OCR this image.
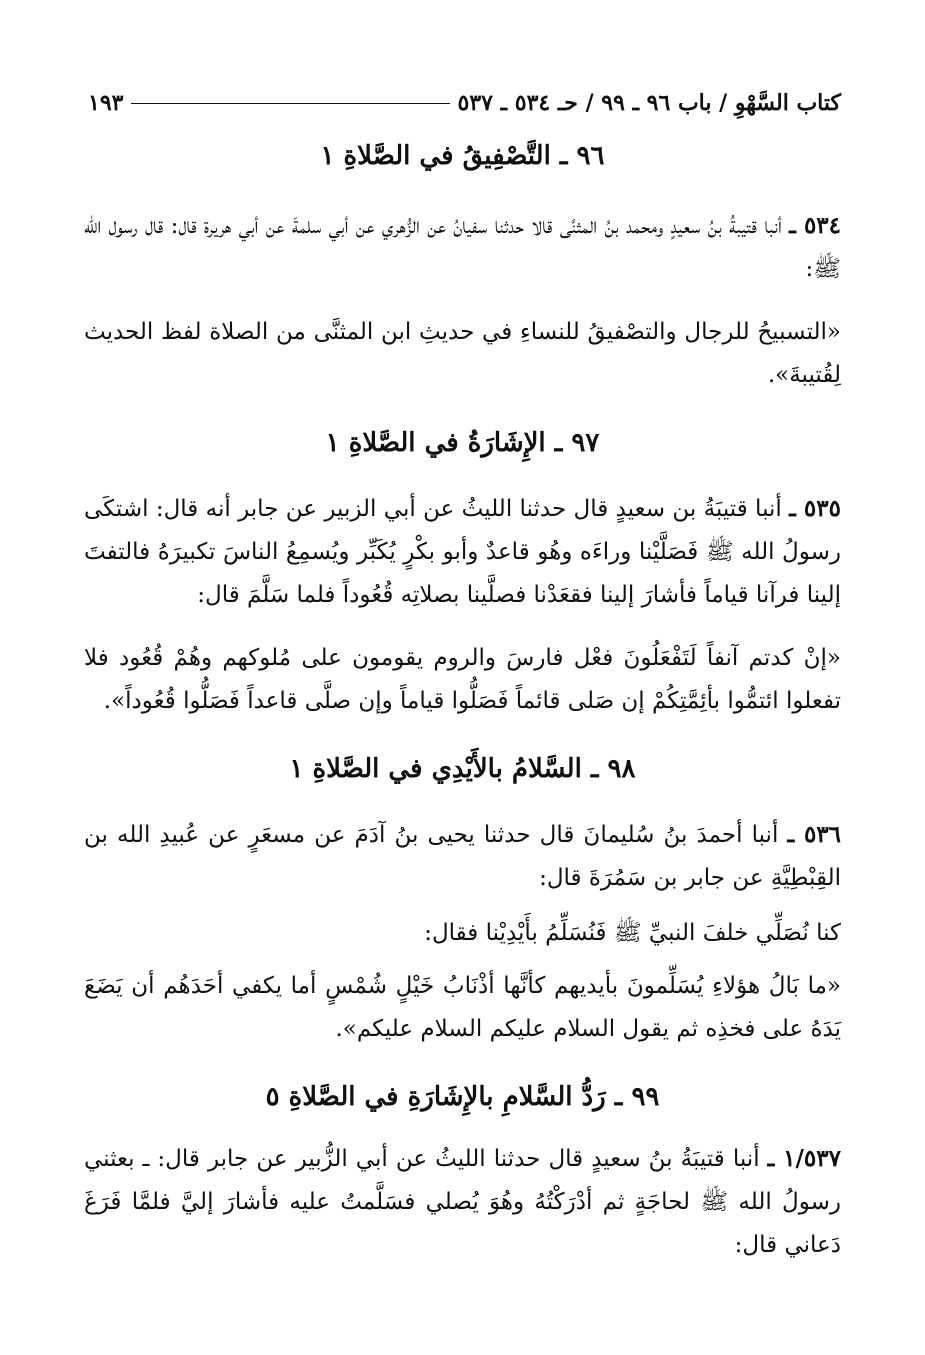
كتاب السَّهْوِ / باب ٩٦ ـ ٩٩ / حـ ٥٣٤ ـ ٥٣٧
١٩٣
٩٦ ـ التَّصْفِيقُ في الصَّلاةِ ١

٥٣٤ ـ أنبا قتيبةُ بنُ سعيدٍ ومحمد بنُ المثنَّى قالا حدثنا سفيانُ عن الزُّهري عن أبي سلمةَ عن أبي هريرة قال: قال رسول الله ﷺ:

«التسبيحُ للرجال والتصْفيقُ للنساءِ في حديثِ ابن المثنَّى من الصلاة لفظ الحديث لِقُتيبةَ».

٩٧ ـ الإِشَارَةُ في الصَّلاةِ ١

٥٣٥ ـ أنبا قتيبَةُ بن سعيدٍ قال حدثنا الليثُ عن أبي الزبير عن جابر أنه قال: اشتكَى رسولُ الله ﷺ فَصَلَّيْنا وراءَه وهُو قاعدٌ وأبو بكْرٍ يُكَبِّر ويُسمِعُ الناسَ تكبيرَهُ فالتفتَ إلينا فرآنا قياماً فأشارَ إلينا فقعَدْنا فصلَّينا بصلاتِه قُعُوداً فلما سَلَّمَ قال:

«إنْ كدتم آنفاً لَتَفْعَلُونَ فعْل فارسَ والروم يقومون على مُلوكهم وهُمْ قُعُود فلا تفعلوا ائتمُّوا بأئِمَّتِكُمْ إن صَلى قائماً فَصَلُّوا قياماً وإن صلَّى قاعداً فَصَلُّوا قُعُوداً».

٩٨ ـ السَّلامُ بالأَيْدِي في الصَّلاةِ ١

٥٣٦ ـ أنبا أحمدَ بنُ سُليمانَ قال حدثنا يحيى بنُ آدَمَ عن مسعَرٍ عن عُبيدِ الله بن القِبْطِيَّةِ عن جابر بن سَمُرَةَ قال:

كنا نُصَلِّي خلفَ النبيِّ ﷺ فَنُسَلِّمُ بأَيْدِيْنا فقال:

«ما بَالُ هؤلاءِ يُسَلِّمونَ بأيديهم كأنَّها أذْنَابُ خَيْلٍ شُمْسٍ أما يكفي أحَدَهُم أن يَضَعَ يَدَهُ على فخذِه ثم يقول السلام عليكم السلام عليكم».

٩٩ ـ رَدُّ السَّلامِ بالإِشَارَةِ في الصَّلاةِ ٥

١/٥٣٧ ـ أنبا قتيبَةُ بنُ سعيدٍ قال حدثنا الليثُ عن أبي الزُّبير عن جابر قال: ـ بعثني رسولُ الله ﷺ لحاجَةٍ ثم أدْرَكْتُهُ وهُوَ يُصلي فسَلَّمتُ عليه فأشارَ إليَّ فلمَّا فَرَغَ دَعاني قال:
